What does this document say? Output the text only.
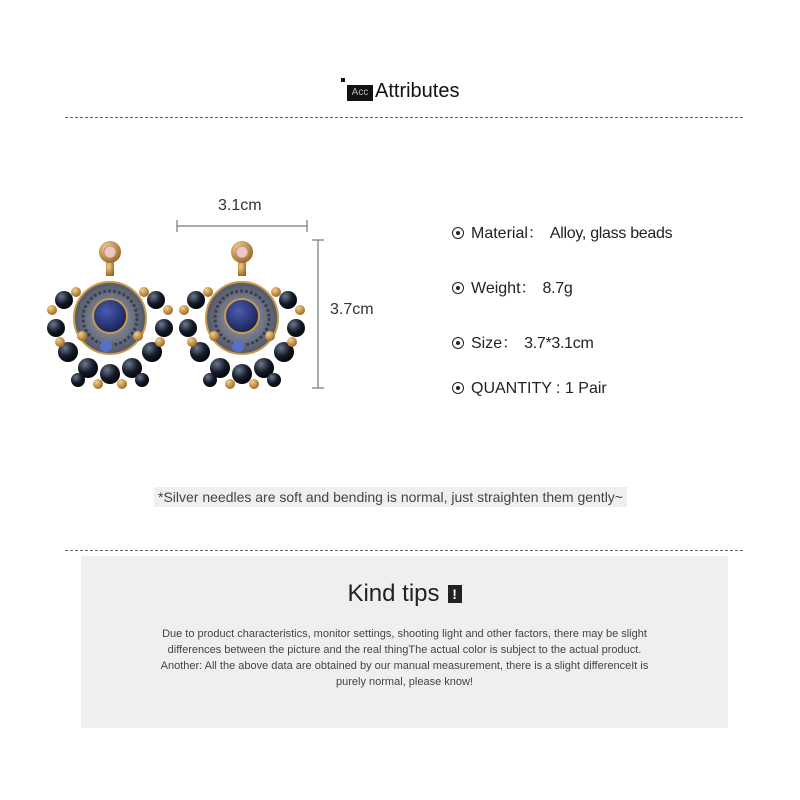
Acc Attributes
3.1cm
3.7cm
Material： Alloy, glass beads
Weight： 8.7g
Size： 3.7*3.1cm
QUANTITY : 1 Pair
*Silver needles are soft and bending is normal, just straighten them gently~
Kind tips !
Due to product characteristics, monitor settings, shooting light and other factors, there may be slight
differences between the picture and the real thingThe actual color is subject to the actual product.
Another: All the above data are obtained by our manual measurement, there is a slight differenceIt is
purely normal, please know!
